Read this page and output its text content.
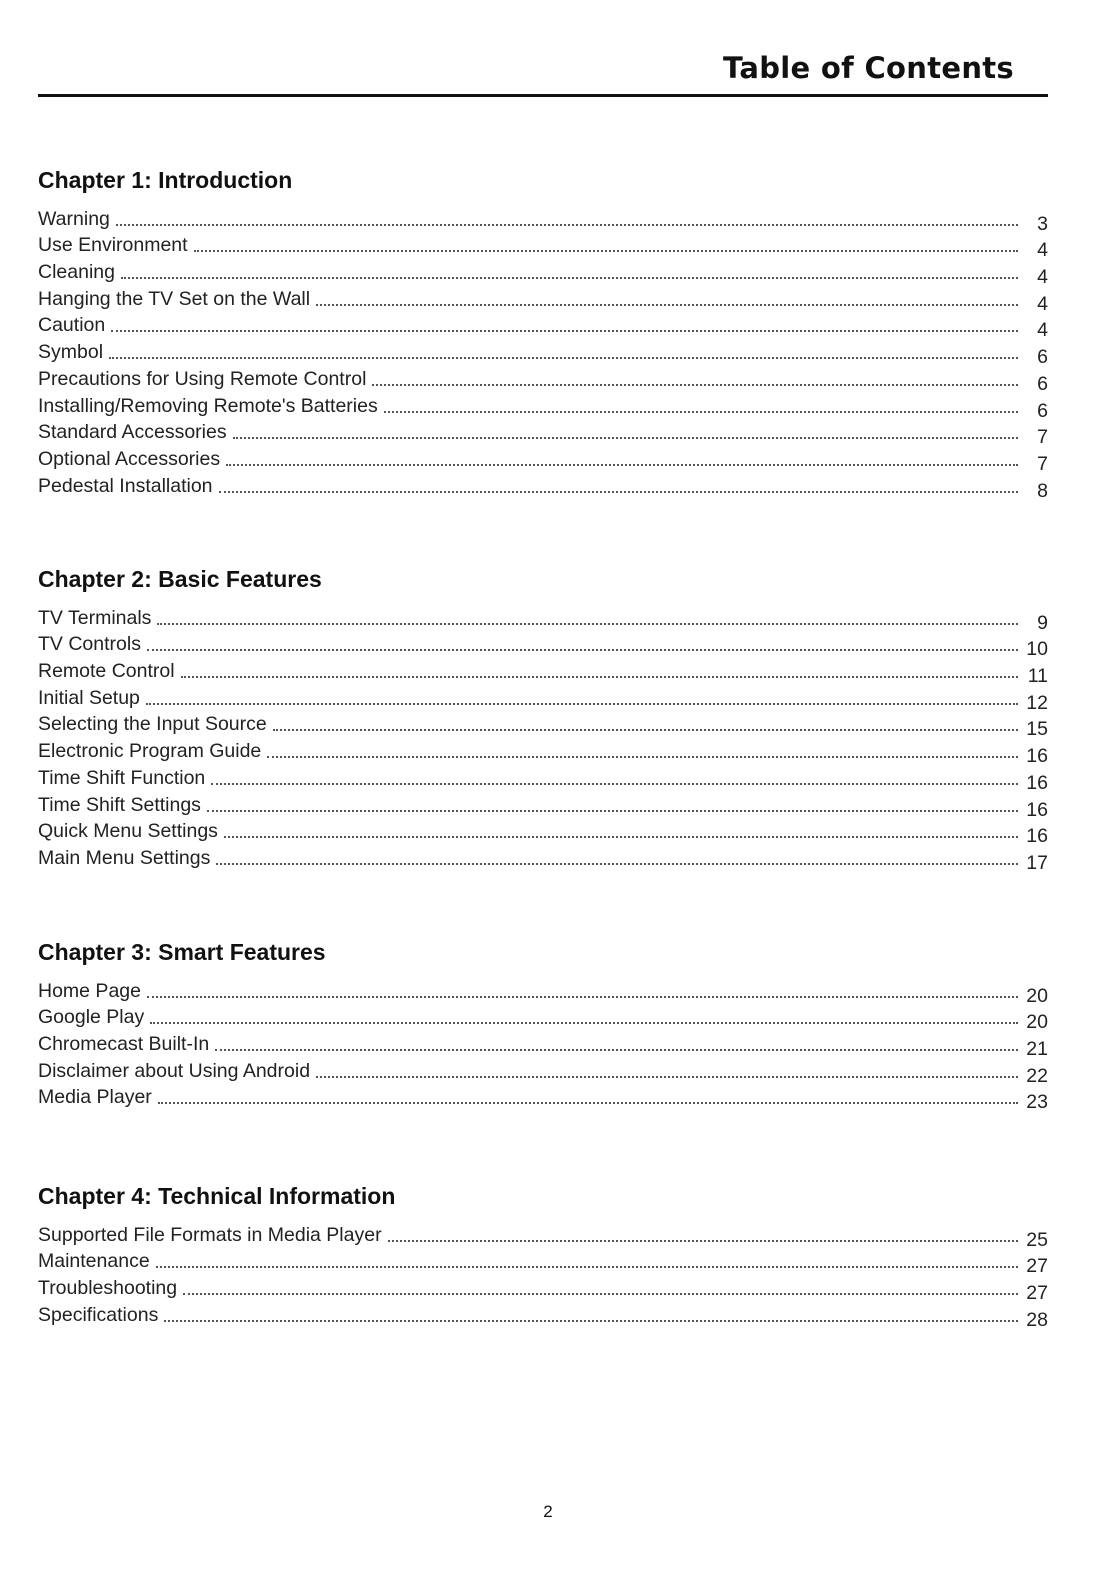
Table of Contents
Chapter 1: Introduction
Warning	3
Use Environment	4
Cleaning	4
Hanging the TV Set on the Wall	4
Caution	4
Symbol	6
Precautions for Using Remote Control	6
Installing/Removing Remote's Batteries	6
Standard Accessories	7
Optional Accessories	7
Pedestal Installation	8
Chapter 2: Basic Features
TV Terminals	9
TV Controls	10
Remote Control	11
Initial Setup	12
Selecting the Input Source	15
Electronic Program Guide	16
Time Shift Function	16
Time Shift Settings	16
Quick Menu Settings	16
Main Menu Settings	17
Chapter 3: Smart Features
Home Page	20
Google Play	20
Chromecast Built-In	21
Disclaimer about Using Android	22
Media Player	23
Chapter 4: Technical Information
Supported File Formats in Media Player	25
Maintenance	27
Troubleshooting	27
Specifications	28
2
